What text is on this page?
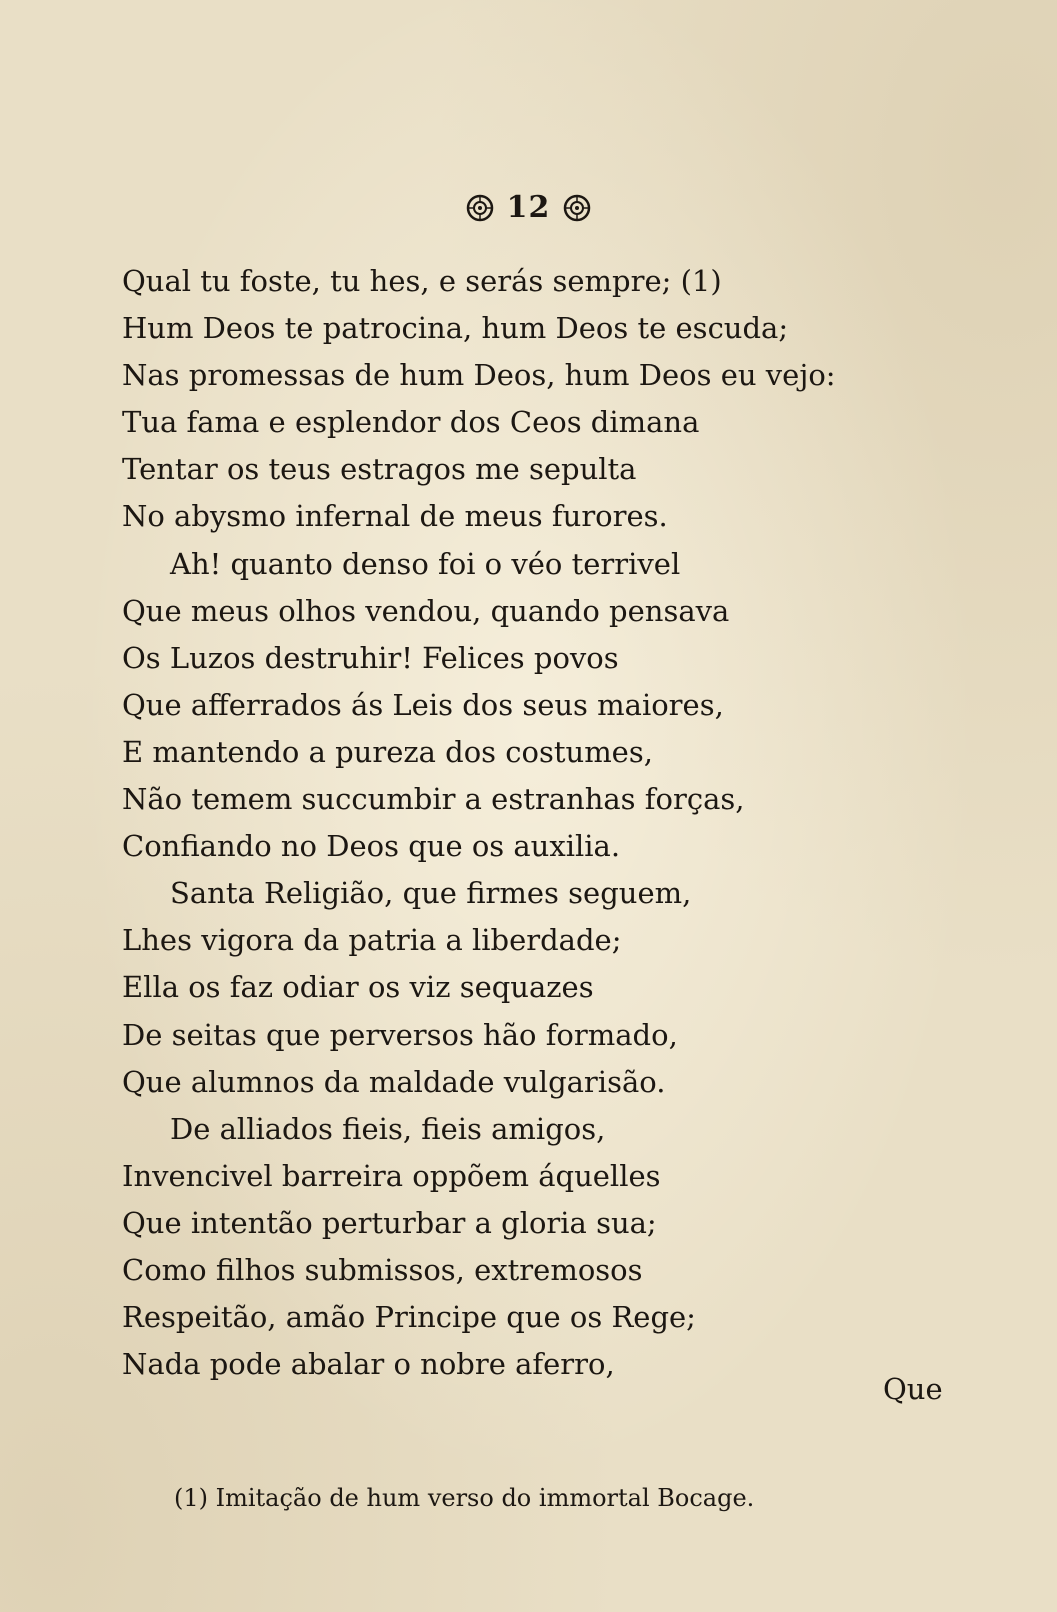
12
Qual tu foste, tu hes, e serás sempre; (1)
Hum Deos te patrocina, hum Deos te escuda;
Nas promessas de hum Deos, hum Deos eu vejo:
Tua fama e esplendor dos Ceos dimana
Tentar os teus estragos me sepulta
No abysmo infernal de meus furores.
Ah! quanto denso foi o véo terrivel
Que meus olhos vendou, quando pensava
Os Luzos destruhir! Felices povos
Que afferrados ás Leis dos seus maiores,
E mantendo a pureza dos costumes,
Não temem succumbir a estranhas forças,
Confiando no Deos que os auxilia.
Santa Religião, que firmes seguem,
Lhes vigora da patria a liberdade;
Ella os faz odiar os viz sequazes
De seitas que perversos hão formado,
Que alumnos da maldade vulgarisão.
De alliados fieis, fieis amigos,
Invencivel barreira oppõem áquelles
Que intentão perturbar a gloria sua;
Como filhos submissos, extremosos
Respeitão, amão Principe que os Rege;
Nada pode abalar o nobre aferro,
Que
(1) Imitação de hum verso do immortal Bocage.
